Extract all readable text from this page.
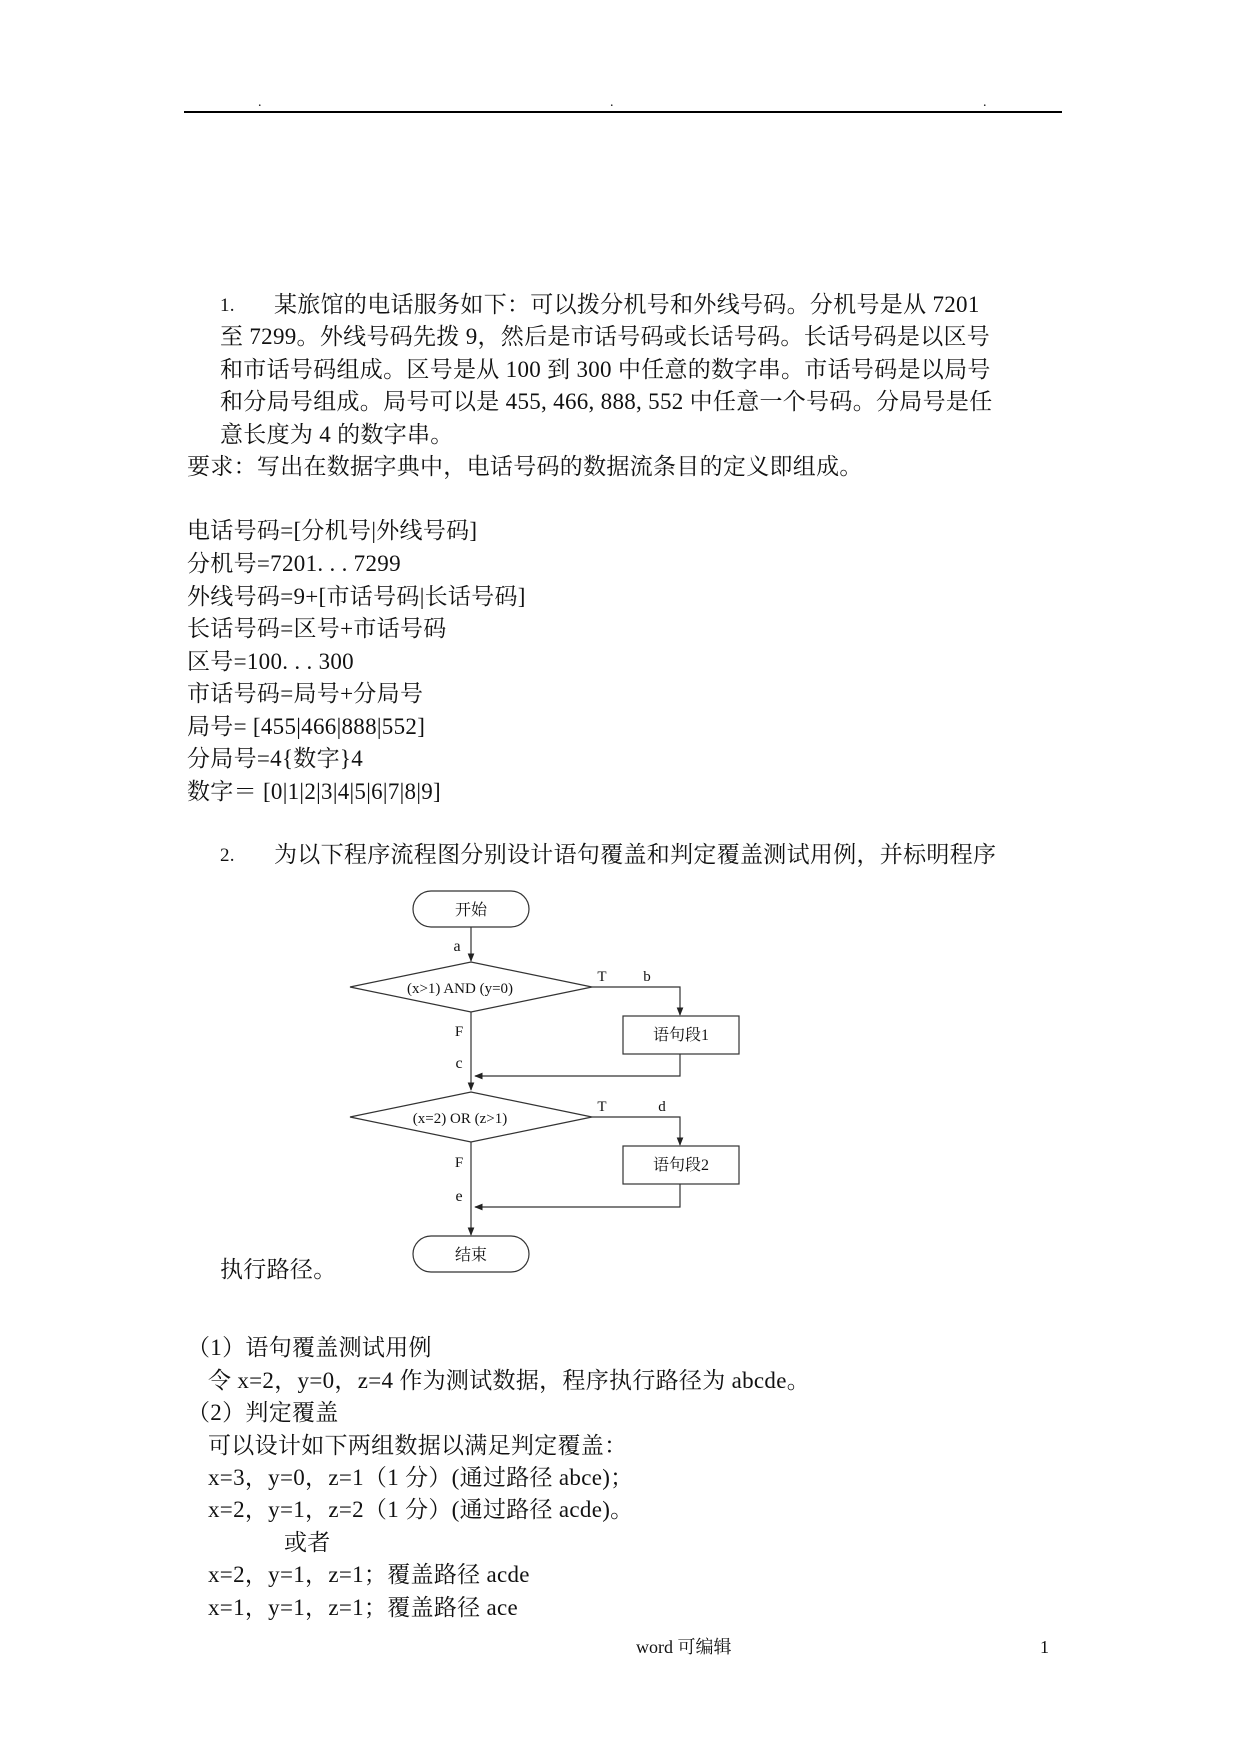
.	.	.
1. 某旅馆的电话服务如下：可以拨分机号和外线号码。分机号是从 7201
至 7299。外线号码先拨 9，然后是市话号码或长话号码。长话号码是以区号
和市话号码组成。区号是从 100 到 300 中任意的数字串。市话号码是以局号
和分局号组成。局号可以是 455, 466, 888, 552 中任意一个号码。分局号是任
意长度为 4 的数字串。
要求：写出在数据字典中，电话号码的数据流条目的定义即组成。
电话号码=[分机号|外线号码]
分机号=7201. . . 7299
外线号码=9+[市话号码|长话号码]
长话号码=区号+市话号码
区号=100. . . 300
市话号码=局号+分局号
局号= [455|466|888|552]
分局号=4{数字}4
数字＝ [0|1|2|3|4|5|6|7|8|9]
2. 为以下程序流程图分别设计语句覆盖和判定覆盖测试用例，并标明程序
开始
a
(x>1) AND (y=0)
T b
语句段1
F
c
(x=2) OR (z>1)
T	d
语句段2
F
e
结束
执行路径。
（1）语句覆盖测试用例
令 x=2，y=0，z=4 作为测试数据，程序执行路径为 abcde。
（2）判定覆盖
可以设计如下两组数据以满足判定覆盖：
x=3，y=0，z=1（1 分）(通过路径 abce)；
x=2，y=1，z=2（1 分）(通过路径 acde)。
或者
x=2，y=1，z=1；覆盖路径 acde
x=1，y=1，z=1；覆盖路径 ace
word 可编辑	1
